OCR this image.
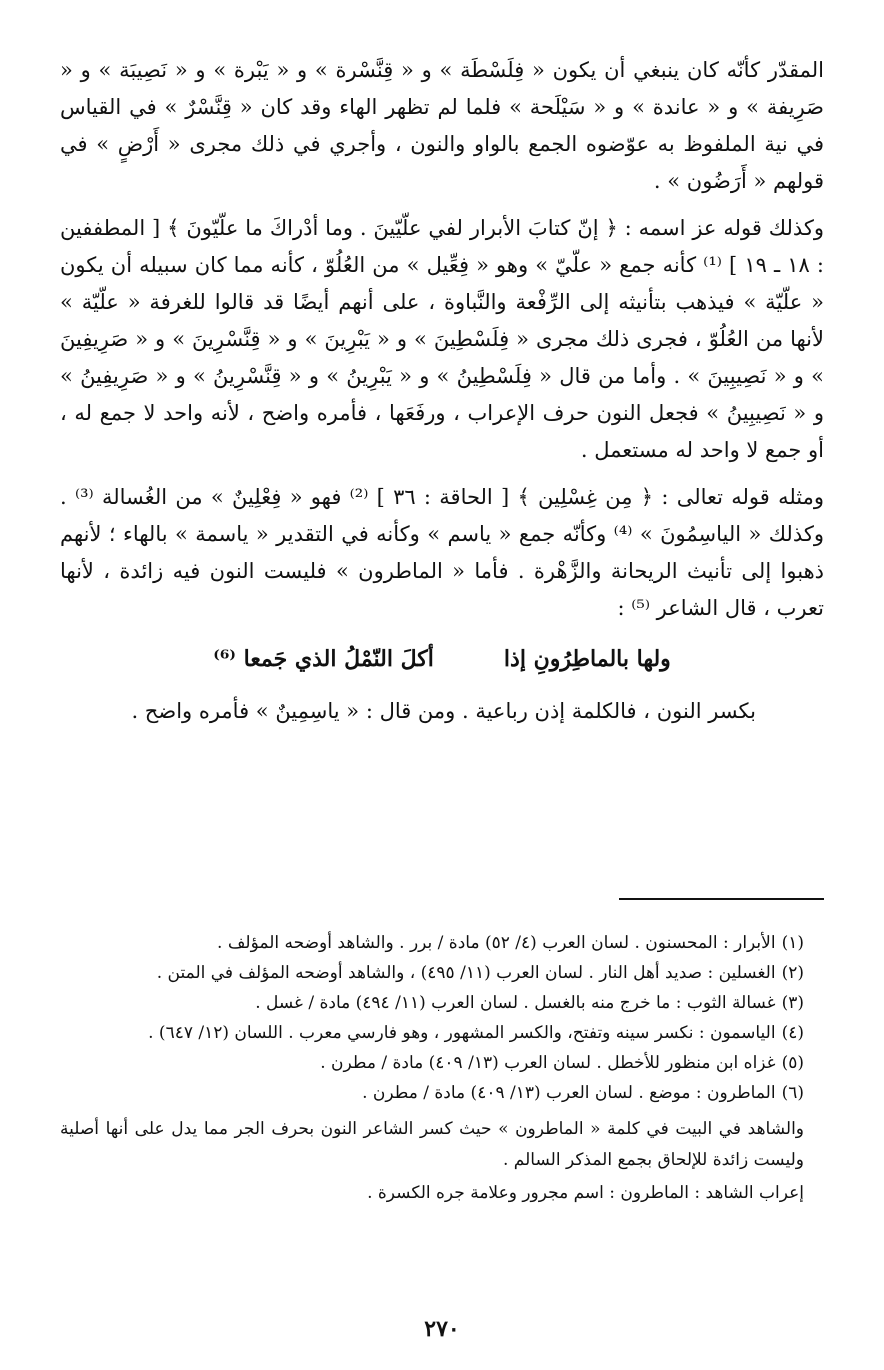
المقدّر كأنّه كان ينبغي أن يكون « فِلَسْطَة » و « قِنَّسْرة » و « يَبْرة » و « نَصِيبَة » و « صَرِيفة » و « عاندة » و « سَيْلَحة » فلما لم تظهر الهاء وقد كان « قِنَّسْرٌ » في القياس في نية الملفوظ به عوّضوه الجمع بالواو والنون ، وأجري في ذلك مجرى « أَرْضٍ » في قولهم « أَرَضُون » .

وكذلك قوله عز اسمه : ﴿ إنّ كتابَ الأبرار لفي علّيّينَ . وما أدْراكَ ما علّيّونَ ﴾ [ المطففين : ١٨ ـ ١٩ ] ⁽¹⁾ كأنه جمع « علّيّ » وهو « فِعِّيل » من العُلُوّ ، كأنه مما كان سبيله أن يكون « علّيّة » فيذهب بتأنيثه إلى الرِّفْعة والنَّباوة ، على أنهم أيضًا قد قالوا للغرفة « علّيّة » لأنها من العُلُوّ ، فجرى ذلك مجرى « فِلَسْطِينَ » و « يَبْرِينَ » و « قِنَّسْرِينَ » و « صَرِيفِينَ » و « نَصِيبِينَ » . وأما من قال « فِلَسْطِينُ » و « يَبْرِينُ » و « قِنَّسْرِينُ » و « صَرِيفِينُ » و « نَصِيبِينُ » فجعل النون حرف الإعراب ، ورفَعَها ، فأمره واضح ، لأنه واحد لا جمع له ، أو جمع لا واحد له مستعمل .

ومثله قوله تعالى : ﴿ مِن غِسْلِين ﴾ [ الحاقة : ٣٦ ] ⁽²⁾ فهو « فِعْلِينٌ » من الغُسالة ⁽³⁾ . وكذلك « الياسِمُونَ » ⁽⁴⁾ وكأنّه جمع « ياسم » وكأنه في التقدير « ياسمة » بالهاء ؛ لأنهم ذهبوا إلى تأنيث الريحانة والزَّهْرة . فأما « الماطرون » فليست النون فيه زائدة ، لأنها تعرب ، قال الشاعر ⁽⁵⁾ :

ولها بالماطِرُونِ إذا
أكلَ النّمْلُ الذي جَمعا ⁽⁶⁾

بكسر النون ، فالكلمة إذن رباعية . ومن قال : « ياسِمِينٌ » فأمره واضح .

(١)الأبرار : المحسنون . لسان العرب (٤/ ٥٢) مادة / برر . والشاهد أوضحه المؤلف .

(٢)الغسلين : صديد أهل النار . لسان العرب (١١/ ٤٩٥) ، والشاهد أوضحه المؤلف في المتن .

(٣)غسالة الثوب : ما خرج منه بالغسل . لسان العرب (١١/ ٤٩٤) مادة / غسل .

(٤)الياسمون : نكسر سينه وتفتح، والكسر المشهور ، وهو فارسي معرب . اللسان (١٢/ ٦٤٧) .

(٥)غزاه ابن منظور للأخطل . لسان العرب (١٣/ ٤٠٩) مادة / مطرن .

(٦)الماطرون : موضع . لسان العرب (١٣/ ٤٠٩) مادة / مطرن .

والشاهد في البيت في كلمة « الماطرون » حيث كسر الشاعر النون بحرف الجر مما يدل على أنها أصلية وليست زائدة للإلحاق بجمع المذكر السالم .

إعراب الشاهد : الماطرون : اسم مجرور وعلامة جره الكسرة .

٢٧٠
